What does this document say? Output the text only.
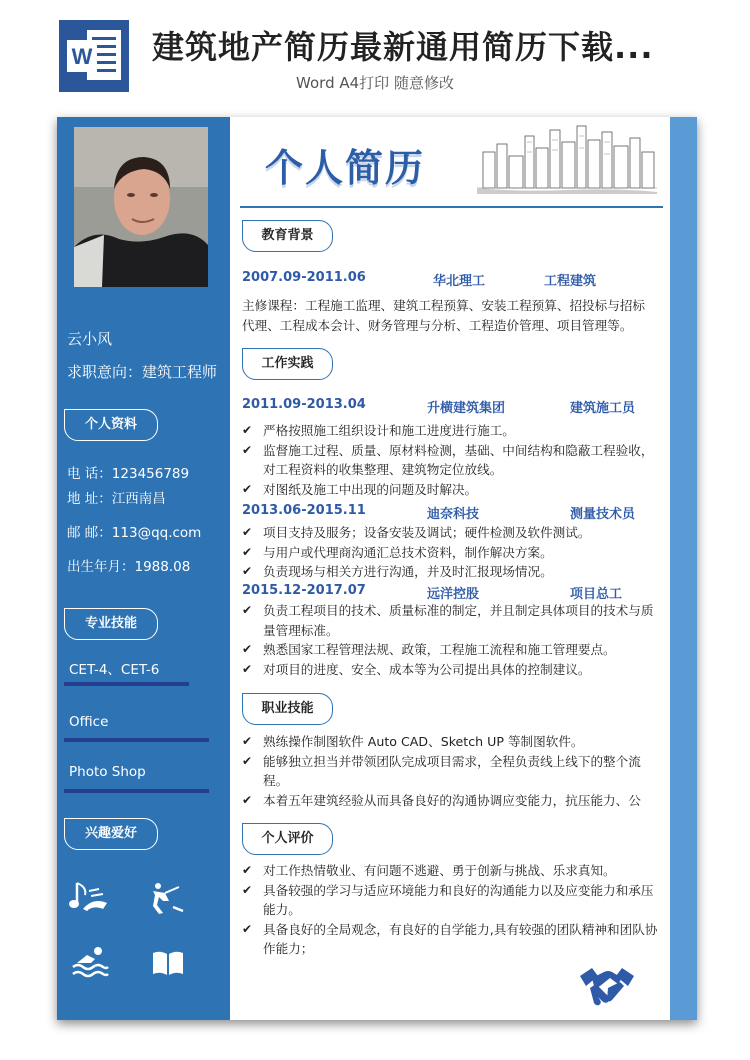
W 建筑地产简历最新通用简历下载...
Word A4打印 随意修改
云小风
求职意向：建筑工程师
个人资料
电 话：123456789
地 址：江西南昌
邮 邮：113@qq.com
出生年月：1988.08
专业技能
CET-4、CET-6
Office
Photo Shop
兴趣爱好
个人简历
教育背景
2007.09-2011.06	华北理工	工程建筑
主修课程：工程施工监理、建筑工程预算、安装工程预算、招投标与招标代理、工程成本会计、财务管理与分析、工程造价管理、项目管理等。
工作实践
2011.09-2013.04	升横建筑集团	建筑施工员
✔ 严格按照施工组织设计和施工进度进行施工。
✔ 监督施工过程、质量、原材料检测，基础、中间结构和隐蔽工程验收，对工程资料的收集整理、建筑物定位放线。
✔ 对图纸及施工中出现的问题及时解决。
2013.06-2015.11	迪奈科技	测量技术员
✔ 项目支持及服务；设备安装及调试；硬件检测及软件测试。
✔ 与用户或代理商沟通汇总技术资料，制作解决方案。
✔ 负责现场与相关方进行沟通，并及时汇报现场情况。
2015.12-2017.07	远洋控股	项目总工
✔ 负责工程项目的技术、质量标准的制定，并且制定具体项目的技术与质量管理标准。
✔ 熟悉国家工程管理法规、政策，工程施工流程和施工管理要点。
✔ 对项目的进度、安全、成本等为公司提出具体的控制建议。
职业技能
✔ 熟练操作制图软件 Auto CAD、Sketch UP 等制图软件。
✔ 能够独立担当并带领团队完成项目需求，全程负责线上线下的整个流程。
✔ 本着五年建筑经验从而具备良好的沟通协调应变能力，抗压能力、公
个人评价
✔ 对工作热情敬业、有问题不逃避、勇于创新与挑战、乐求真知。
✔ 具备较强的学习与适应环境能力和良好的沟通能力以及应变能力和承压能力。
✔ 具备良好的全局观念，有良好的自学能力,具有较强的团队精神和团队协作能力；
